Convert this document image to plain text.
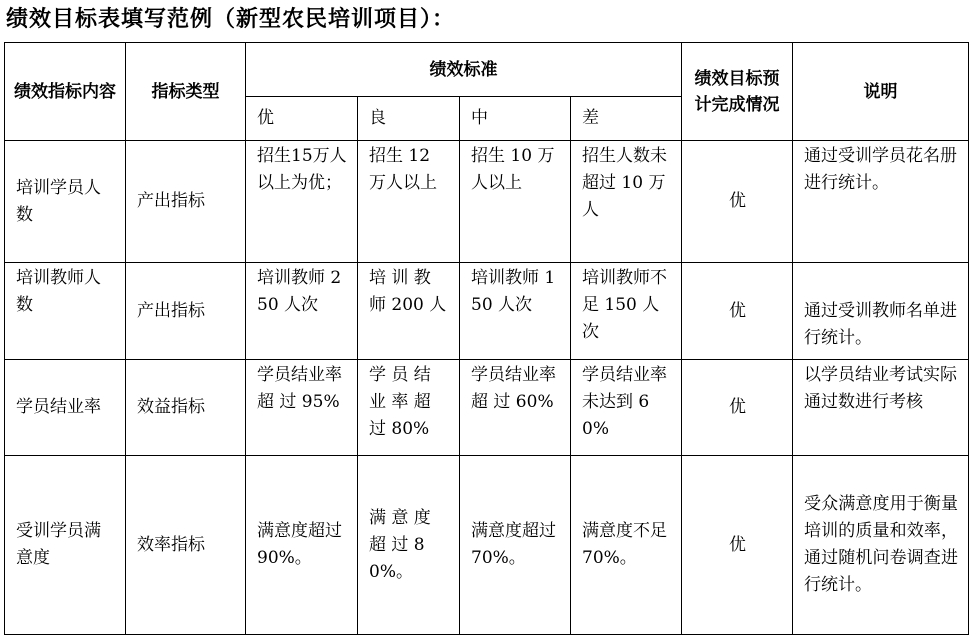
绩效目标表填写范例（新型农民培训项目）：
绩效指标内容	指标类型	绩效标准				绩效目标预计完成情况	说明
		优	良	中	差		
培训学员人数	产出指标	招生15万人以上为优；	招生 12 万人以上	招生 10 万人以上	招生人数未超过 10 万人	优	通过受训学员花名册进行统计。
培训教师人数	产出指标	培训教师 250 人次	培 训 教 师 200 人	培训教师 150 人次	培训教师不足 150 人次	优	通过受训教师名单进行统计。
学员结业率	效益指标	学员结业率 超 过 95%	学 员 结 业 率 超 过 80%	学员结业率 超 过 60%	学员结业率未达到 60%	优	以学员结业考试实际通过数进行考核
受训学员满意度	效率指标	满意度超过 90%。	满 意 度 超 过 80%。	满意度超过 70%。	满意度不足 70%。	优	受众满意度用于衡量培训的质量和效率，通过随机问卷调查进行统计。
